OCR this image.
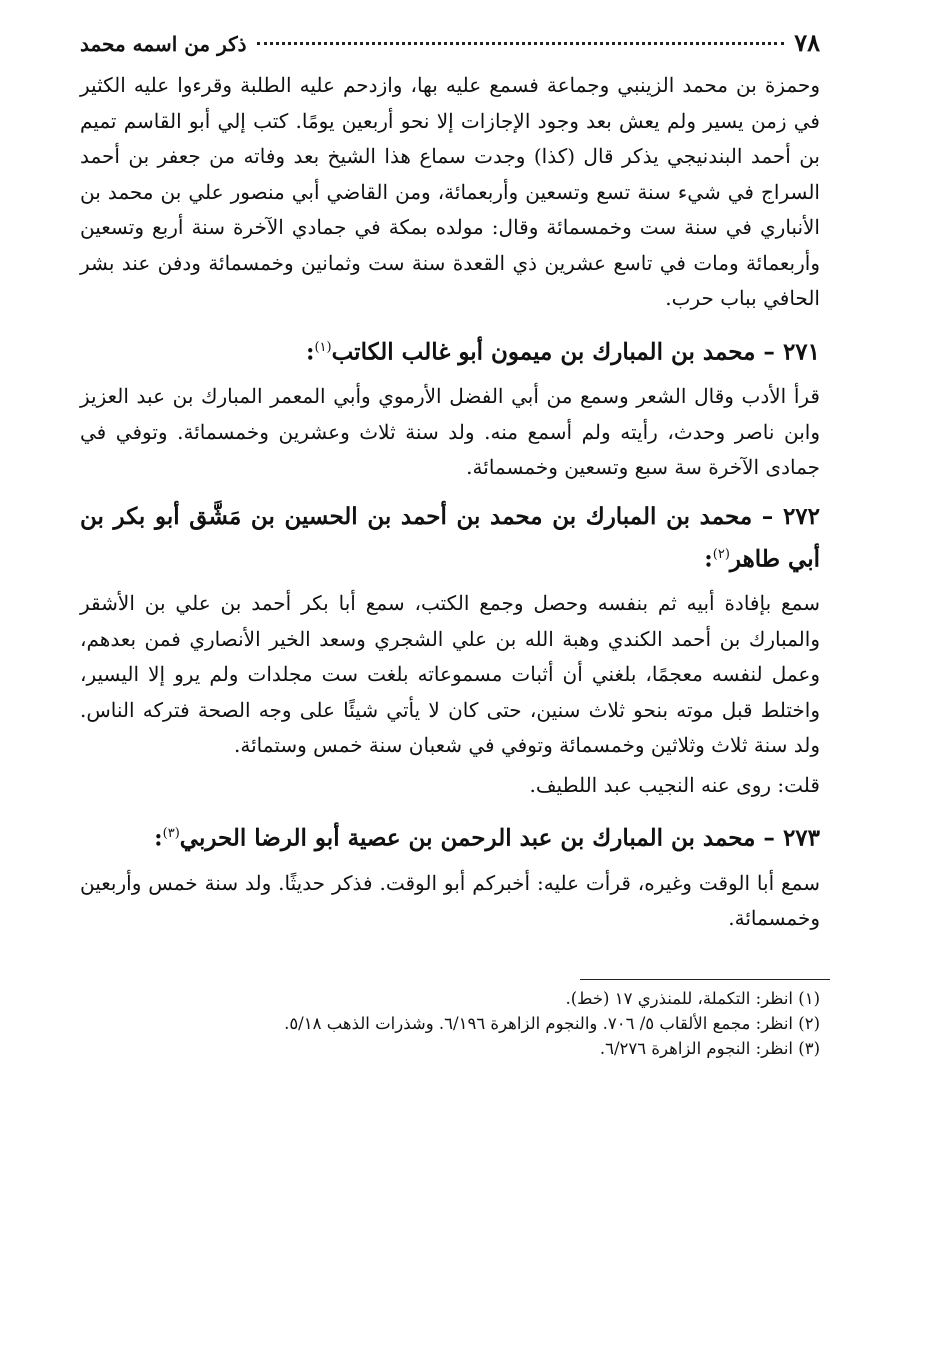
٧٨
ذكر من اسمه محمد

وحمزة بن محمد الزينبي وجماعة فسمع عليه بها، وازدحم عليه الطلبة وقرءوا عليه الكثير في زمن يسير ولم يعش بعد وجود الإجازات إلا نحو أربعين يومًا. كتب إلي أبو القاسم تميم بن أحمد البندنيجي يذكر قال (كذا) وجدت سماع هذا الشيخ بعد وفاته من جعفر بن أحمد السراج في شيء سنة تسع وتسعين وأربعمائة، ومن القاضي أبي منصور علي بن محمد بن الأنباري في سنة ست وخمسمائة وقال: مولده بمكة في جمادي الآخرة سنة أربع وتسعين وأربعمائة ومات في تاسع عشرين ذي القعدة سنة ست وثمانين وخمسمائة ودفن عند بشر الحافي بباب حرب.

٢٧١ – محمد بن المبارك بن ميمون أبو غالب الكاتب$^{(١)}$:

قرأ الأدب وقال الشعر وسمع من أبي الفضل الأرموي وأبي المعمر المبارك بن عبد العزيز وابن ناصر وحدث، رأيته ولم أسمع منه. ولد سنة ثلاث وعشرين وخمسمائة. وتوفي في جمادى الآخرة سة سبع وتسعين وخمسمائة.

٢٧٢ – محمد بن المبارك بن محمد بن أحمد بن الحسين بن مَشَّق أبو بكر بن أبي طاهر$^{(٢)}$:

سمع بإفادة أبيه ثم بنفسه وحصل وجمع الكتب، سمع أبا بكر أحمد بن علي بن الأشقر والمبارك بن أحمد الكندي وهبة الله بن علي الشجري وسعد الخير الأنصاري فمن بعدهم، وعمل لنفسه معجمًا، بلغني أن أثبات مسموعاته بلغت ست مجلدات ولم يرو إلا اليسير، واختلط قبل موته بنحو ثلاث سنين، حتى كان لا يأتي شيئًا على وجه الصحة فتركه الناس. ولد سنة ثلاث وثلاثين وخمسمائة وتوفي في شعبان سنة خمس وستمائة.

قلت: روى عنه النجيب عبد اللطيف.

٢٧٣ – محمد بن المبارك بن عبد الرحمن بن عصية أبو الرضا الحربي$^{(٣)}$:

سمع أبا الوقت وغيره، قرأت عليه: أخبركم أبو الوقت. فذكر حديثًا. ولد سنة خمس وأربعين وخمسمائة.

(١) انظر: التكملة، للمنذري ١٧ (خط).
(٢) انظر: مجمع الألقاب ٥/ ٧٠٦. والنجوم الزاهرة ٦/١٩٦. وشذرات الذهب ٥/١٨.
(٣) انظر: النجوم الزاهرة ٦/٢٧٦.
